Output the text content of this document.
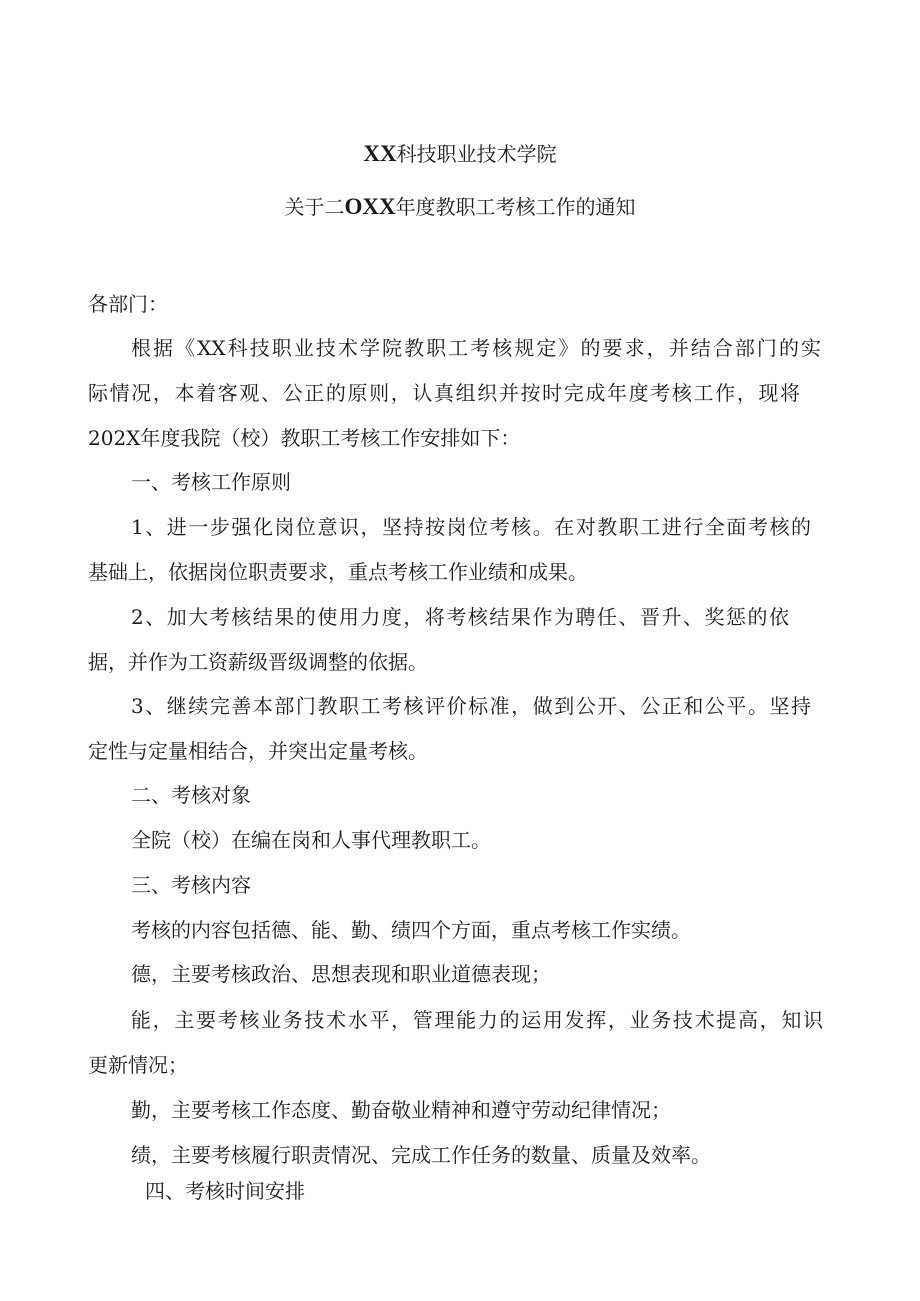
XX科技职业技术学院
关于二OXX年度教职工考核工作的通知
各部门：
根据《XX科技职业技术学院教职工考核规定》的要求，并结合部门的实
际情况，本着客观、公正的原则，认真组织并按时完成年度考核工作，现将
202X年度我院（校）教职工考核工作安排如下：
一、考核工作原则
1、进一步强化岗位意识，坚持按岗位考核。在对教职工进行全面考核的
基础上，依据岗位职责要求，重点考核工作业绩和成果。
2、加大考核结果的使用力度，将考核结果作为聘任、晋升、奖惩的依
据，并作为工资薪级晋级调整的依据。
3、继续完善本部门教职工考核评价标准，做到公开、公正和公平。坚持
定性与定量相结合，并突出定量考核。
二、考核对象
全院（校）在编在岗和人事代理教职工。
三、考核内容
考核的内容包括德、能、勤、绩四个方面，重点考核工作实绩。
德，主要考核政治、思想表现和职业道德表现；
能，主要考核业务技术水平，管理能力的运用发挥，业务技术提高，知识
更新情况；
勤，主要考核工作态度、勤奋敬业精神和遵守劳动纪律情况；
绩，主要考核履行职责情况、完成工作任务的数量、质量及效率。
四、考核时间安排
